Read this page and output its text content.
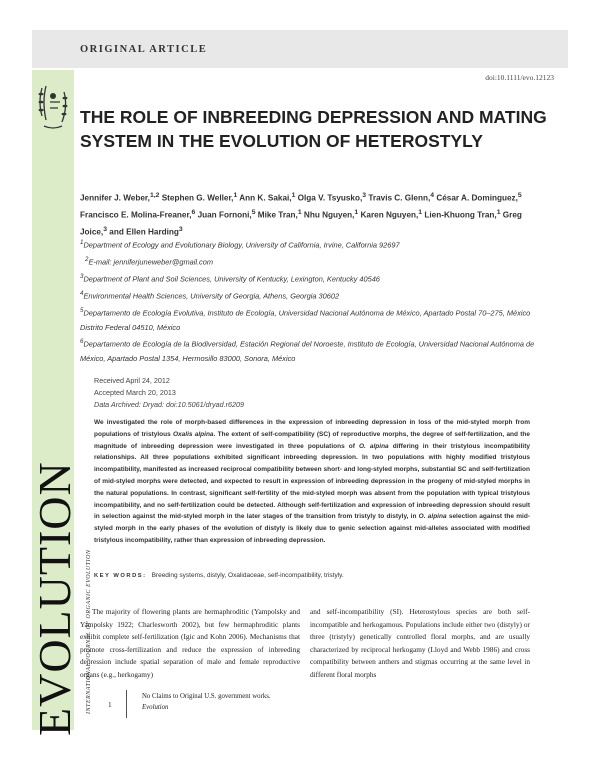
ORIGINAL ARTICLE
EVOLUTION INTERNATIONAL JOURNAL OF ORGANIC EVOLUTION
doi:10.1111/evo.12123
THE ROLE OF INBREEDING DEPRESSION AND MATING SYSTEM IN THE EVOLUTION OF HETEROSTYLY
Jennifer J. Weber,$^{1,2}$ Stephen G. Weller,$^1$ Ann K. Sakai,$^1$ Olga V. Tsyusko,$^3$ Travis C. Glenn,$^4$ César A. Dominguez,$^5$ Francisco E. Molina-Freaner,$^6$ Juan Fornoni,$^5$ Mike Tran,$^1$ Nhu Nguyen,$^1$ Karen Nguyen,$^1$ Lien-Khuong Tran,$^1$ Greg Joice,$^3$ and Ellen Harding$^3$
$^1$Department of Ecology and Evolutionary Biology, University of California, Irvine, California 92697
$^2$E-mail: jenniferjuneweber@gmail.com
$^3$Department of Plant and Soil Sciences, University of Kentucky, Lexington, Kentucky 40546
$^4$Environmental Health Sciences, University of Georgia, Athens, Georgia 30602
$^5$Departamento de Ecología Evolutiva, Instituto de Ecología, Universidad Nacional Autónoma de México, Apartado Postal 70–275, México Distrito Federal 04510, México
$^6$Departamento de Ecología de la Biodiversidad, Estación Regional del Noroeste, Instituto de Ecología, Universidad Nacional Autónoma de México, Apartado Postal 1354, Hermosillo 83000, Sonora, México
Received April 24, 2012
Accepted March 20, 2013
Data Archived: Dryad: doi:10.5061/dryad.r6209
We investigated the role of morph-based differences in the expression of inbreeding depression in loss of the mid-styled morph from populations of tristylous Oxalis alpina. The extent of self-compatibility (SC) of reproductive morphs, the degree of self-fertilization, and the magnitude of inbreeding depression were investigated in three populations of O. alpina differing in their tristylous incompatibility relationships. All three populations exhibited significant inbreeding depression. In two populations with highly modified tristylous incompatibility, manifested as increased reciprocal compatibility between short- and long-styled morphs, substantial SC and self-fertilization of mid-styled morphs were detected, and expected to result in expression of inbreeding depression in the progeny of mid-styled morphs in the natural populations. In contrast, significant self-fertility of the mid-styled morph was absent from the population with typical tristylous incompatibility, and no self-fertilization could be detected. Although self-fertilization and expression of inbreeding depression should result in selection against the mid-styled morph in the later stages of the transition from tristyly to distyly, in O. alpina selection against the mid-styled morph in the early phases of the evolution of distyly is likely due to genic selection against mid-alleles associated with modified tristylous incompatibility, rather than expression of inbreeding depression.
KEY WORDS: Breeding systems, distyly, Oxalidaceae, self-incompatibility, tristyly.
The majority of flowering plants are hermaphroditic (Yampolsky and Yampolsky 1922; Charlesworth 2002), but few hermaphroditic plants exhibit complete self-fertilization (Igic and Kohn 2006). Mechanisms that promote cross-fertilization and reduce the expression of inbreeding depression include spatial separation of male and female reproductive organs (e.g., herkogamy)
and self-incompatibility (SI). Heterostylous species are both self-incompatible and herkogamous. Populations include either two (distyly) or three (tristyly) genetically controlled floral morphs, and are usually characterized by reciprocal herkogamy (Lloyd and Webb 1986) and cross compatibility between anthers and stigmas occurring at the same level in different floral morphs
1
No Claims to Original U.S. government works.
Evolution
